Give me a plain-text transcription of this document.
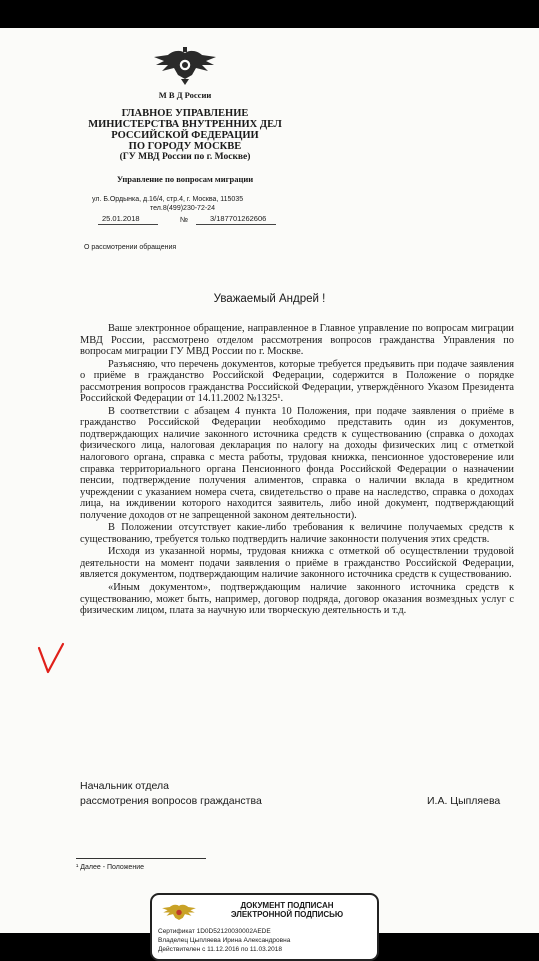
М В Д России
ГЛАВНОЕ УПРАВЛЕНИЕ
МИНИСТЕРСТВА ВНУТРЕННИХ ДЕЛ
РОССИЙСКОЙ ФЕДЕРАЦИИ
ПО ГОРОДУ МОСКВЕ
(ГУ МВД России по г. Москве)
Управление по вопросам миграции
ул. Б.Ордынка, д.16/4, стр.4, г. Москва, 115035
тел.8(499)230-72-24
25.01.2018	№	3/187701262606
О рассмотрении обращения
Уважаемый Андрей !

Ваше электронное обращение, направленное в Главное управление по вопросам миграции МВД России, рассмотрено отделом рассмотрения вопросов гражданства Управления по вопросам миграции ГУ МВД России по г. Москве.

Разъясняю, что перечень документов, которые требуется предъявить при подаче заявления о приёме в гражданство Российской Федерации, содержится в Положение о порядке рассмотрения вопросов гражданства Российской Федерации, утверждённого Указом Президента Российской Федерации от 14.11.2002 №1325¹.

В соответствии с абзацем 4 пункта 10 Положения, при подаче заявления о приёме в гражданство Российской Федерации необходимо представить один из документов, подтверждающих наличие законного источника средств к существованию (справка о доходах физического лица, налоговая декларация по налогу на доходы физических лиц с отметкой налогового органа, справка с места работы, трудовая книжка, пенсионное удостоверение или справка территориального органа Пенсионного фонда Российской Федерации о назначении пенсии, подтверждение получения алиментов, справка о наличии вклада в кредитном учреждении с указанием номера счета, свидетельство о праве на наследство, справка о доходах лица, на иждивении которого находится заявитель, либо иной документ, подтверждающий получение доходов от не запрещенной законом деятельности).

В Положении отсутствует какие-либо требования к величине получаемых средств к существованию, требуется только подтвердить наличие законности получения этих средств.

Исходя из указанной нормы, трудовая книжка с отметкой об осуществлении трудовой деятельности на момент подачи заявления о приёме в гражданство Российской Федерации, является документом, подтверждающим наличие законного источника средств к существованию.

«Иным документом», подтверждающим наличие законного источника средств к существованию, может быть, например, договор подряда, договор оказания возмездных услуг с физическим лицом, плата за научную или творческую деятельность и т.д.

Начальник отдела
рассмотрения вопросов гражданства	И.А. Цыпляева
¹ Далее - Положение
ДОКУМЕНТ ПОДПИСАН
ЭЛЕКТРОННОЙ ПОДПИСЬЮ
Сертификат 1D0D52120030002AEDE
Владелец Цыпляева Ирина Александровна
Действителен с 11.12.2016 по 11.03.2018
